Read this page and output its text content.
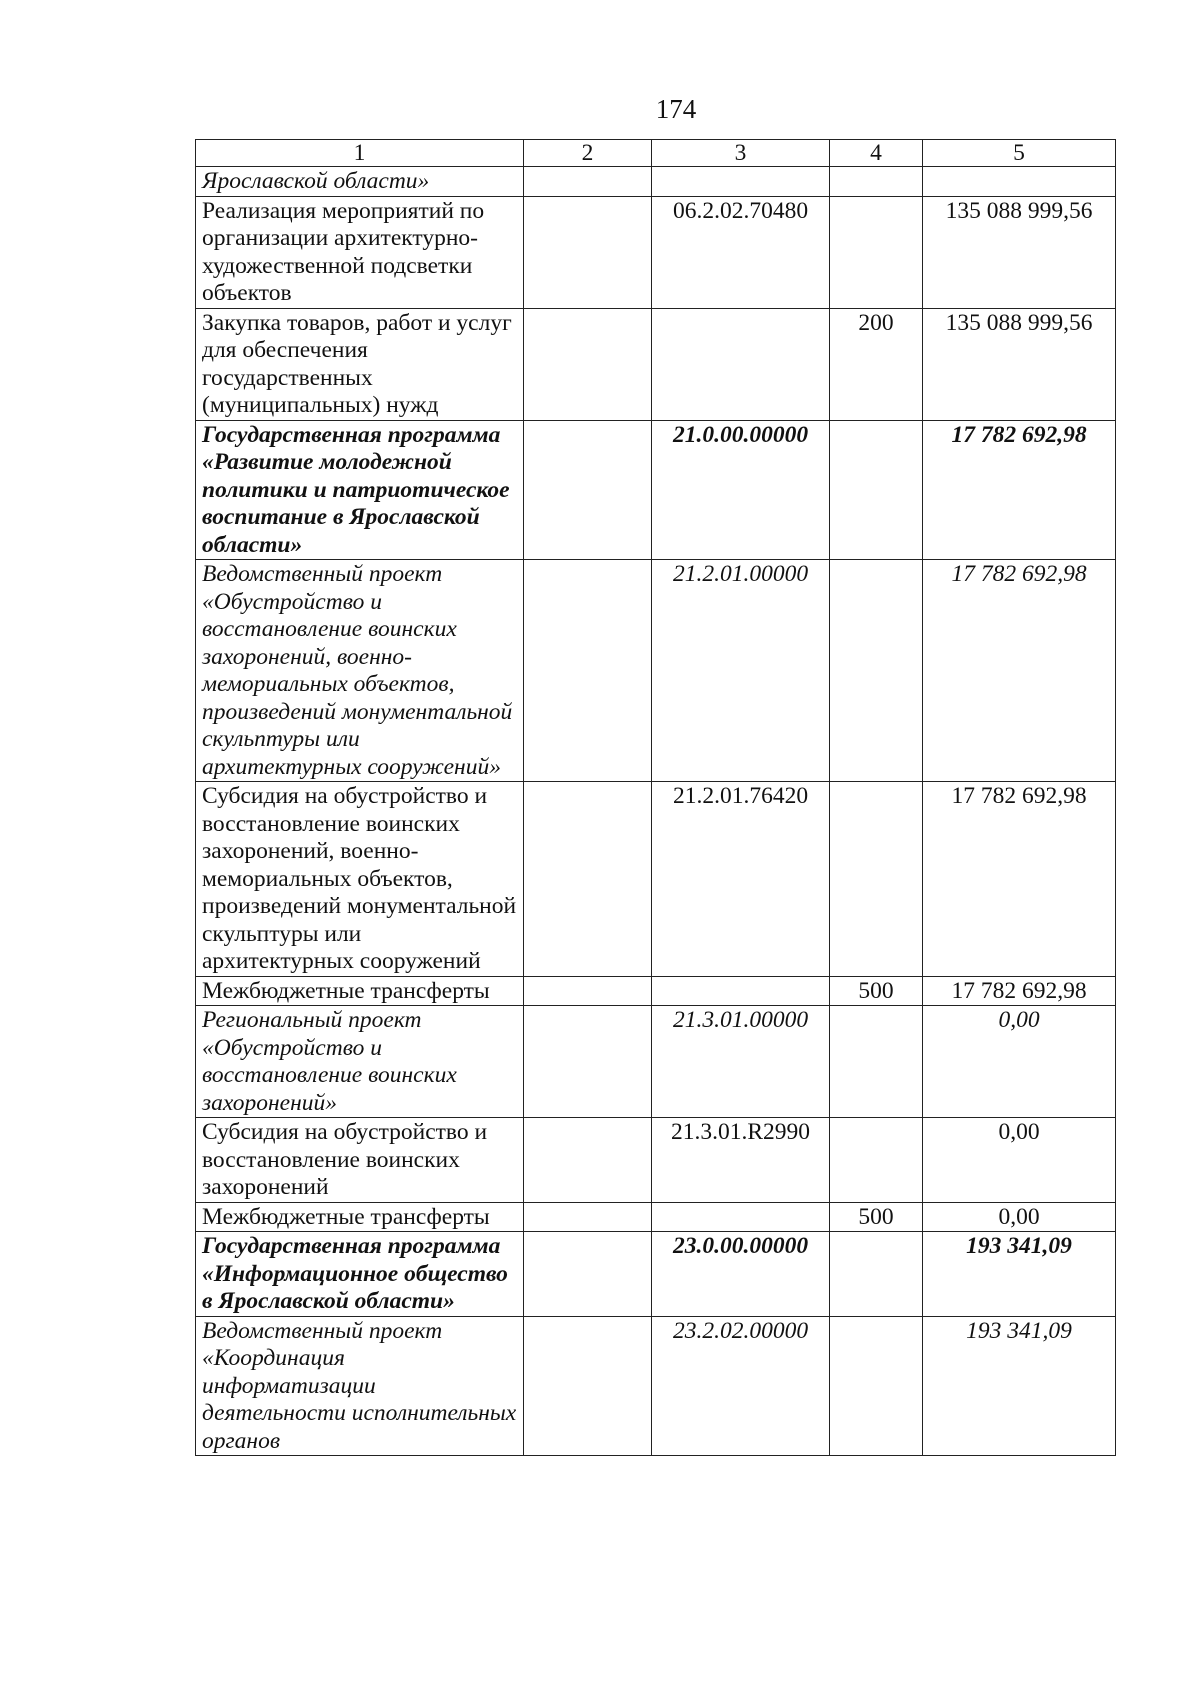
174
1	2	3	4	5
Ярославской области»				
Реализация мероприятий по организации архитектурно-художественной подсветки объектов		06.2.02.70480		135 088 999,56
Закупка товаров, работ и услуг для обеспечения государственных (муниципальных) нужд			200	135 088 999,56
Государственная программа «Развитие молодежной политики и патриотическое воспитание в Ярославской области»		21.0.00.00000		17 782 692,98
Ведомственный проект «Обустройство и восстановление воинских захоронений, военно-мемориальных объектов, произведений монументальной скульптуры или архитектурных сооружений»		21.2.01.00000		17 782 692,98
Субсидия на обустройство и восстановление воинских захоронений, военно-мемориальных объектов, произведений монументальной скульптуры или архитектурных сооружений		21.2.01.76420		17 782 692,98
Межбюджетные трансферты			500	17 782 692,98
Региональный проект «Обустройство и восстановление воинских захоронений»		21.3.01.00000		0,00
Субсидия на обустройство и восстановление воинских захоронений		21.3.01.R2990		0,00
Межбюджетные трансферты			500	0,00
Государственная программа «Информационное общество в Ярославской области»		23.0.00.00000		193 341,09
Ведомственный проект «Координация информатизации деятельности исполнительных органов		23.2.02.00000		193 341,09
